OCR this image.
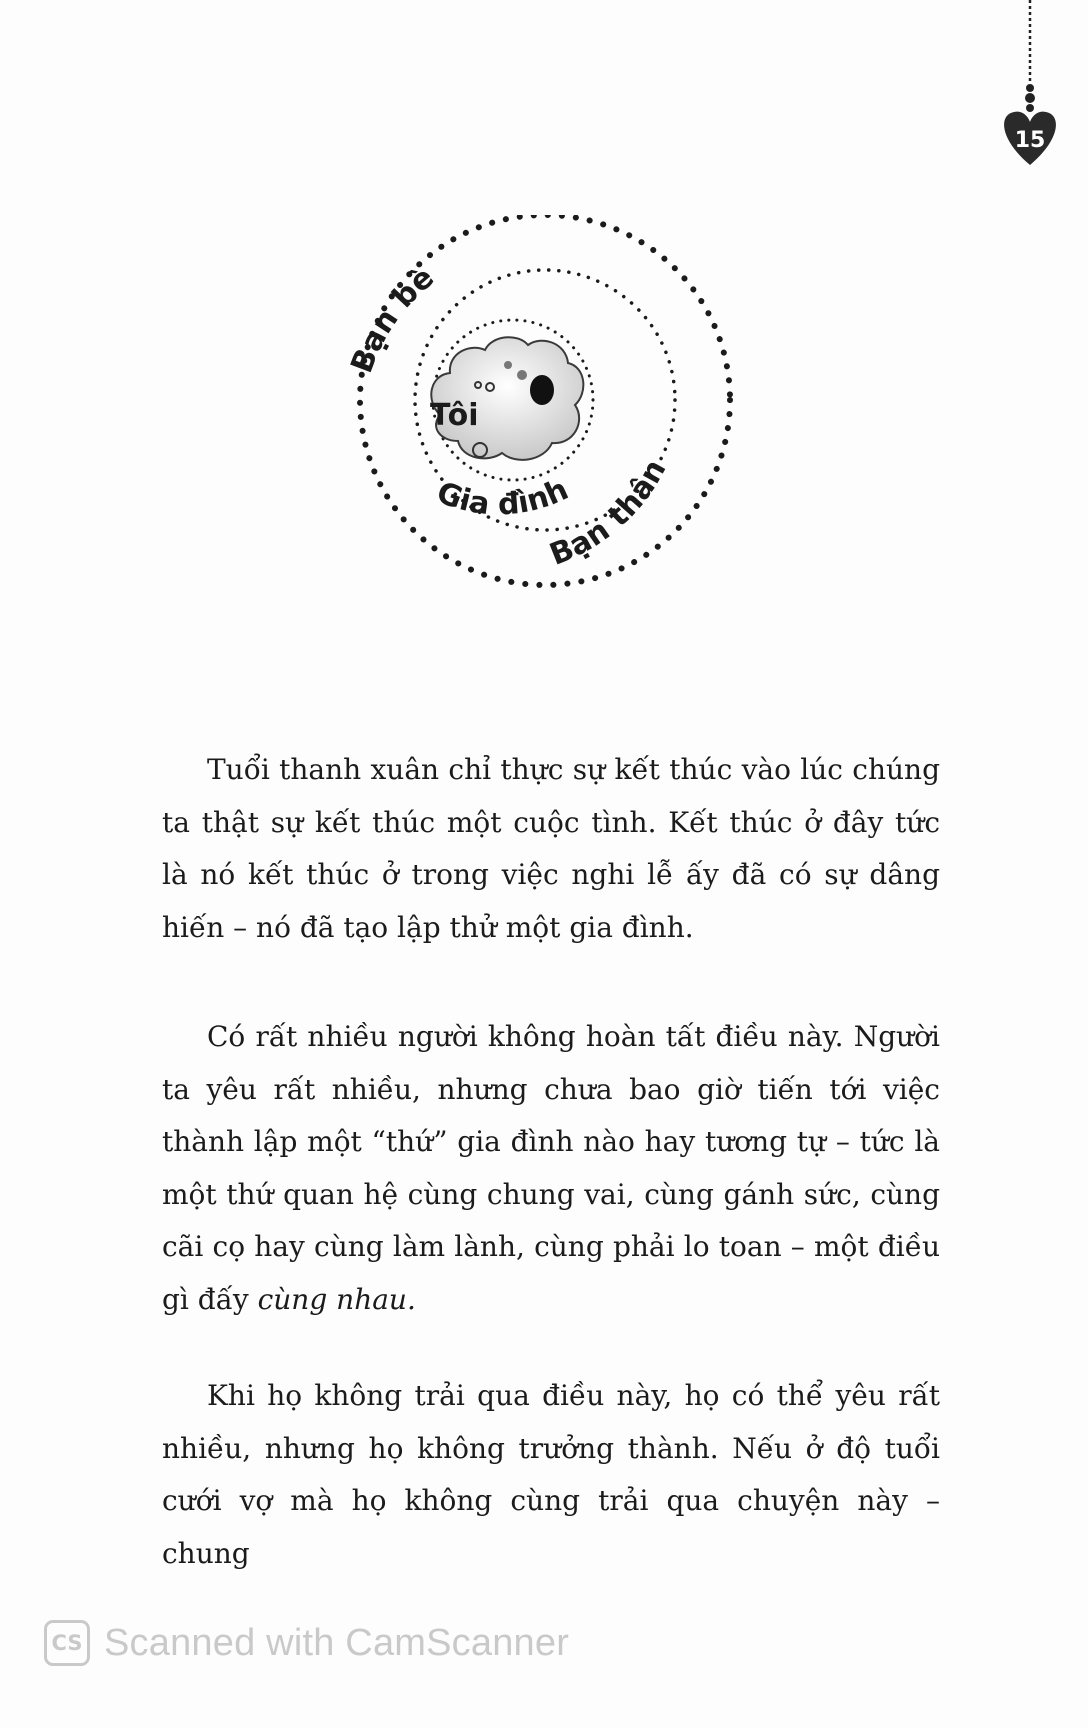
15
Tôi
Bạn bè
Bạn thân
Gia đình

Tuổi thanh xuân chỉ thực sự kết thúc vào lúc chúng ta thật sự kết thúc một cuộc tình. Kết thúc ở đây tức là nó kết thúc ở trong việc nghi lễ ấy đã có sự dâng hiến – nó đã tạo lập thử một gia đình.

Có rất nhiều người không hoàn tất điều này. Người ta yêu rất nhiều, nhưng chưa bao giờ tiến tới việc thành lập một “thứ” gia đình nào hay tương tự – tức là một thứ quan hệ cùng chung vai, cùng gánh sức, cùng cãi cọ hay cùng làm lành, cùng phải lo toan – một điều gì đấy cùng nhau.

Khi họ không trải qua điều này, họ có thể yêu rất nhiều, nhưng họ không trưởng thành. Nếu ở độ tuổi cưới vợ mà họ không cùng trải qua chuyện này – chung

CS Scanned with CamScanner
